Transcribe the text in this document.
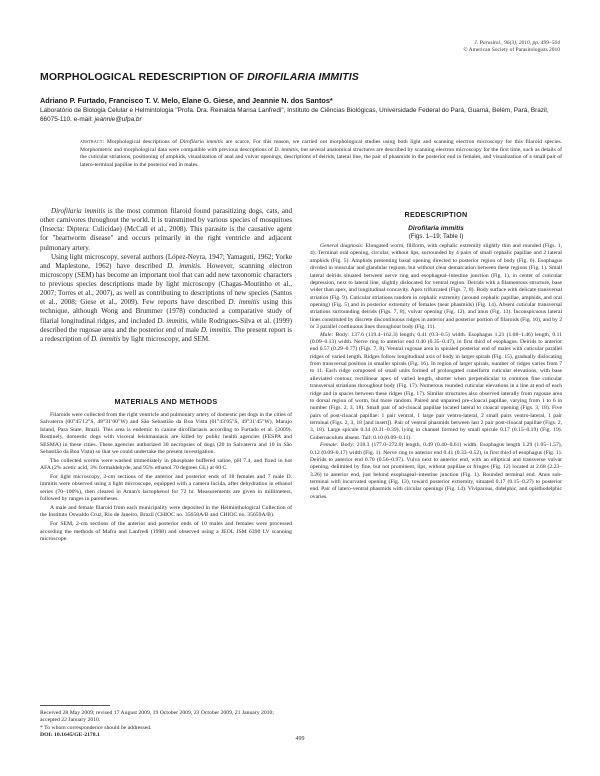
J. Parasitol., 96(3), 2010, pp. 499–504
© American Society of Parasitologists 2010
MORPHOLOGICAL REDESCRIPTION OF DIROFILARIA IMMITIS
Adriano P. Furtado, Francisco T. V. Melo, Elane G. Giese, and Jeannie N. dos Santos*
Laboratório de Biologia Celular e Helmintologia "Profa. Dra. Reinalda Marisa Lanfredi", Instituto de Ciências Biológicas, Universidade Federal do Pará, Guamá, Belém, Pará, Brazil, 66075-110. e-mail: jeannie@ufpa.br
abstract: Morphological descriptions of Dirofilaria immitis are scarce. For this reason, we carried out morphological studies using both light and scanning electron microscopy for this filaroid species. Morphometric and morphological data were compatible with previous descriptions of D. immitis, but several anatomical structures are described by scanning electron microscopy for the first time, such as details of the cuticular striations, positioning of amphids, visualization of anal and vulvar openings, descriptions of deirids, lateral line, the pair of phasmids in the posterior end in females, and visualization of a small pair of latero-terminal papillae in the posterior end in males.

Dirofilaria immitis is the most common filaroid found parasitizing dogs, cats, and other carnivores throughout the world. It is transmitted by various species of mosquitoes (Insecta: Diptera: Culicidae) (McCall et al., 2008). This parasite is the causative agent for "heartworm disease" and occurs primarily in the right ventricle and adjacent pulmonary artery.

Using light microscopy, several authors (López-Neyra, 1947; Yamaguti, 1962; Yorke and Maplestone, 1962) have described D. immitis. However, scanning electron microscopy (SEM) has become an important tool that can add new taxonomic characters to previous species descriptions made by light microscopy (Chagas-Moutinho et al., 2007; Torres et al., 2007), as well as contributing to descriptions of new species (Santos et al., 2008; Giese et al., 2009). Few reports have described D. immitis using this technique, although Wong and Brummer (1978) conducted a comparative study of filarial longitudinal ridges, and included D. immitis, while Rodrigues-Silva et al. (1999) described the rugosae area and the posterior end of male D. immitis. The present report is a redescription of D. immitis by light microscopy, and SEM.

MATERIALS AND METHODS

Filaroids were collected from the right ventricle and pulmonary artery of domestic pet dogs in the cities of Salvaterra (00°45′12″S, 48°31′00″W) and São Sebastião da Boa Vista (01°43′05″S, 49°31′45″W), Marajo Island, Para State, Brazil. This area is endemic to canine dirofilariasis according to Furtado et al. (2009). Routinely, domestic dogs with visceral leishmaniasis are killed by public health agencies (FESPA and SESMA) in these cities. These agencies authorized 30 necropsies of dogs (20 in Salvaterra and 10 in São Sebastião da Boa Vista) so that we could undertake the present investigation.

The collected worms were washed immediately in phosphate buffered saline, pH 7.4, and fixed in hot AFA (2% acetic acid, 3% formaldehyde, and 95% ethanol 70 degrees GL) at 60 C.

For light microscopy, 2-cm sections of the anterior and posterior ends of 18 females and 7 male D. immitis were observed using a light microscope, equipped with a camera lucida, after dehydration in ethanol series (70–100%), then cleared in Aman's lactophenol for 72 hr. Measurements are given in millimeters, followed by ranges in parentheses.

A male and female filaroid from each municipality were deposited in the Helminthological Collection of the Instituto Oswaldo Cruz, Rio de Janeiro, Brazil (CHIOC no. 35658A/B and CHIOC no. 35659A/B).

For SEM, 2-cm sections of the anterior and posterior ends of 10 males and females were processed according the methods of Mafra and Lanfredi (1998) and observed using a JEOL JSM 6390 LV scanning microscope.

REDESCRIPTION
Dirofilaria immitis
(Figs. 1–19; Table I)

General diagnosis: Elongated worm, filiform, with cephalic extremity slightly thin and rounded (Figs. 1, 4). Terminal oral opening, circular, without lips, surrounded by 4 pairs of small cephalic papillae and 2 lateral amphids (Fig. 5). Amphids presenting basal opening directed to posterior region of body (Fig. 6). Esophagus divided in muscular and glandular regions, but without clear demarcation between these regions (Fig. 1). Small lateral deirids situated between nerve ring and esophageal–intestine junction (Fig. 1), in center of cuticular depression, next to lateral line, slightly dislocated for ventral region. Deirids with a filamentous structure, base wider than apex, and longitudinal concavity. Apex trifurcated (Figs. 7, 8). Body surface with delicate transversal striation (Fig. 9). Cuticular striations random in cephalic extremity (around cephalic papillae, amphids, and oral opening) (Fig. 5) and in posterior extremity of females (near phasmids) (Fig. 14). Absent cuticular transversal striations surrounding deirids (Figs. 7, 8), vulvar opening (Fig. 12), and anus (Fig. 13). Inconspicuous lateral lines constituted by discrete discontinuous ridges in anterior and posterior portion of filaroids (Fig. 10), and by 2 or 3 parallel continuous lines throughout body (Fig. 11).

Male: Body: 137.6 (119.4–162.3) length, 0.41 (0.3–0.5) width. Esophagus 1.21 (1.08–1.46) length, 0.11 (0.09–0.13) width. Nerve ring to anterior end 0.40 (0.35–0.47), in first third of esophagus. Deirids to anterior end 0.57 (0.29–0.77) (Figs. 7, 8). Ventral rugosae area in spiraled posterior end of males with cuticular parallel ridges of varied length. Ridges follow longitudinal axis of body in larger spirals (Fig. 15), gradually dislocating from transversal position in smaller spirals (Fig. 16). In region of larger spirals, number of ridges varies from 7 to 11. Each ridge composed of small units formed of prolongated cuneiform cuticular elevations, with base alleviated contour, rectilinear apex of varied length, shorter when perpendicular to common fine cuticular transversal striations throughout body (Fig. 17). Numerous rounded cuticular elevations in a line at end of each ridge and in spaces between these ridges (Fig. 17). Similar structures also observed laterally from rugosae area to dorsal region of worm, but more random. Paired and unpaired pre-cloacal papillae, varying from 1 to 6 in number (Figs. 2, 3, 18). Small pair of ad-cloacal papillae located lateral to cloacal opening (Figs. 3, 18). Five pairs of post-cloacal papillae: 1 pair ventral, 1 large pair ventro-lateral, 2 small pairs ventro-lateral, 1 pair terminal (Figs. 2, 3, 18 [and insert]). Pair of ventral phasmids between last 2 pair post-cloacal papillae (Figs. 2, 3, 18). Large spicule 0.34 (0.31–0.39), lying in channel formed by small spicule 0.17 (0.15–0.19) (Fig. 19). Gubernaculum absent. Tail: 0.10 (0.09–0.11).

Female: Body: 218.3 (177.0–272.0) length, 0.49 (0.40–0.61) width. Esophagus length 1.29 (1.05–1.57), 0.12 (0.09–0.17) width (Fig. 1). Nerve ring to anterior end 0.41 (0.33–0.52), in first third of esophagus (Fig. 1). Deirids to anterior end 0.70 (0.56–0.97). Vulva next to anterior end, with an elliptical and transverse vulvar opening, delimited by fine, but not prominent, lips, without papillae or fringes (Fig. 12) located at 2.68 (2.23–3.26) to anterior end, just behind esophageal–intestine junction (Fig. 1). Rounded terminal end. Anus sub-terminal with incurvated opening (Fig. 13), toward posterior extremity, situated 0.17 (0.15–0.27) to posterior end. Pair of latero-ventral phasmids with circular openings (Fig. 14). Viviparous, didelphic, and opisthodelphic ovaries.

Received 28 May 2009; revised 17 August 2009, 19 October 2009, 23 October 2009, 21 January 2010; accepted 22 January 2010.
* To whom correspondence should be addressed.
DOI: 10.1645/GE-2178.1
499
